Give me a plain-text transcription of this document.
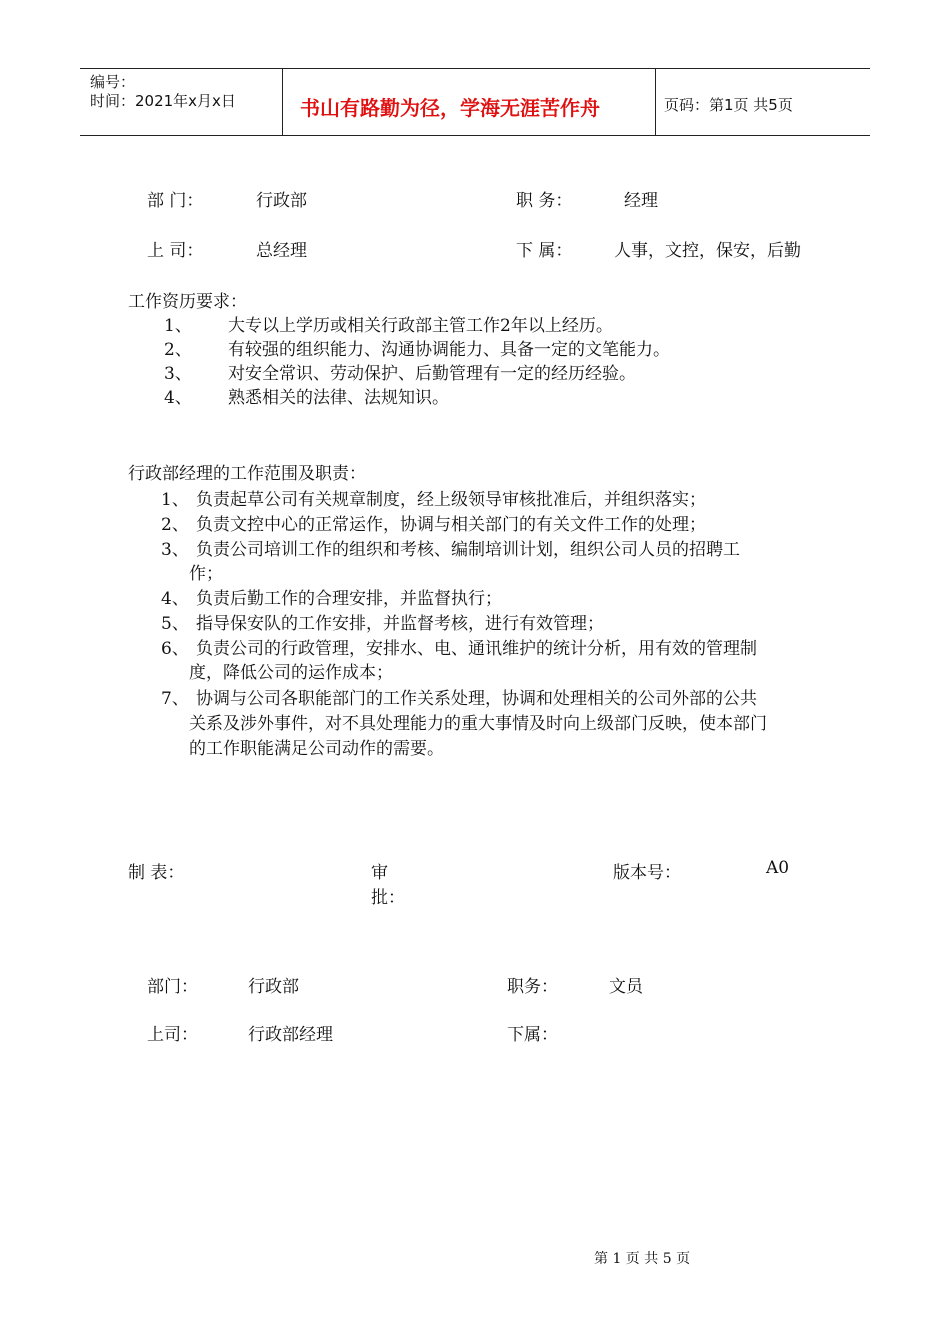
编号：
时间：2021年x月x日	书山有路勤为径，学海无涯苦作舟	页码：第1页 共5页
部 门：	行政部	职 务：	经理
上 司：	总经理	下 属： 人事，文控，保安，后勤
工作资历要求：
1、 大专以上学历或相关行政部主管工作2年以上经历。
2、 有较强的组织能力、沟通协调能力、具备一定的文笔能力。
3、 对安全常识、劳动保护、后勤管理有一定的经历经验。
4、 熟悉相关的法律、法规知识。
行政部经理的工作范围及职责：
1、 负责起草公司有关规章制度，经上级领导审核批准后，并组织落实；
2、 负责文控中心的正常运作，协调与相关部门的有关文件工作的处理；
3、 负责公司培训工作的组织和考核、编制培训计划，组织公司人员的招聘工
作；
4、 负责后勤工作的合理安排，并监督执行；
5、 指导保安队的工作安排，并监督考核，进行有效管理；
6、 负责公司的行政管理，安排水、电、通讯维护的统计分析，用有效的管理制
度，降低公司的运作成本；
7、 协调与公司各职能部门的工作关系处理，协调和处理相关的公司外部的公共
关系及涉外事件，对不具处理能力的重大事情及时向上级部门反映，使本部门
的工作职能满足公司动作的需要。
制 表：	审
批：
版本号：	A0
部门：	行政部	职务：	文员
上司：	行政部经理	下属：
第 1 页 共 5 页
